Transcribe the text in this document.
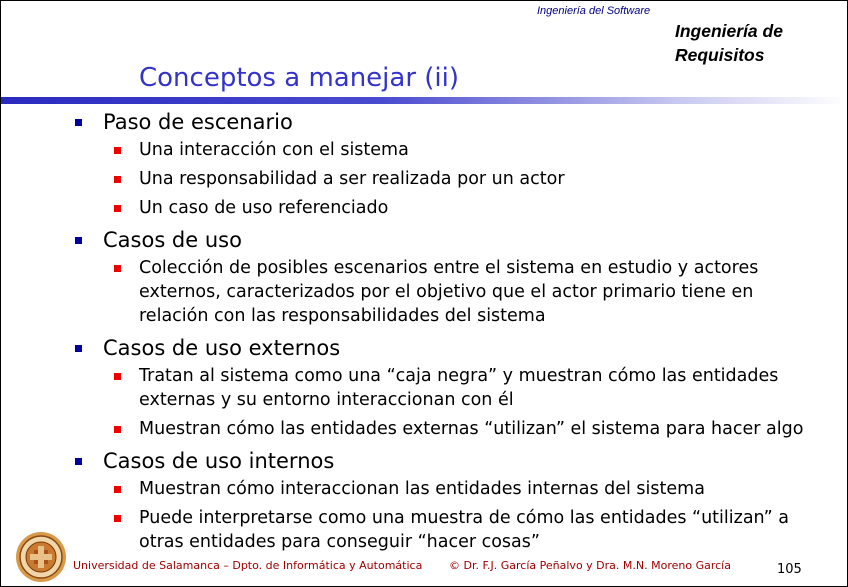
Ingeniería del Software
Ingeniería de Requisitos
Conceptos a manejar (ii)
Paso de escenario
Una interacción con el sistema
Una responsabilidad a ser realizada por un actor
Un caso de uso referenciado
Casos de uso
Colección de posibles escenarios entre el sistema en estudio y actores externos, caracterizados por el objetivo que el actor primario tiene en relación con las responsabilidades del sistema
Casos de uso externos
Tratan al sistema como una “caja negra” y muestran cómo las entidades externas y su entorno interaccionan con él
Muestran cómo las entidades externas “utilizan” el sistema para hacer algo
Casos de uso internos
Muestran cómo interaccionan las entidades internas del sistema
Puede interpretarse como una muestra de cómo las entidades “utilizan” a otras entidades para conseguir “hacer cosas”
Universidad de Salamanca – Dpto. de Informática y Automática © Dr. F.J. García Peñalvo y Dra. M.N. Moreno García	105
